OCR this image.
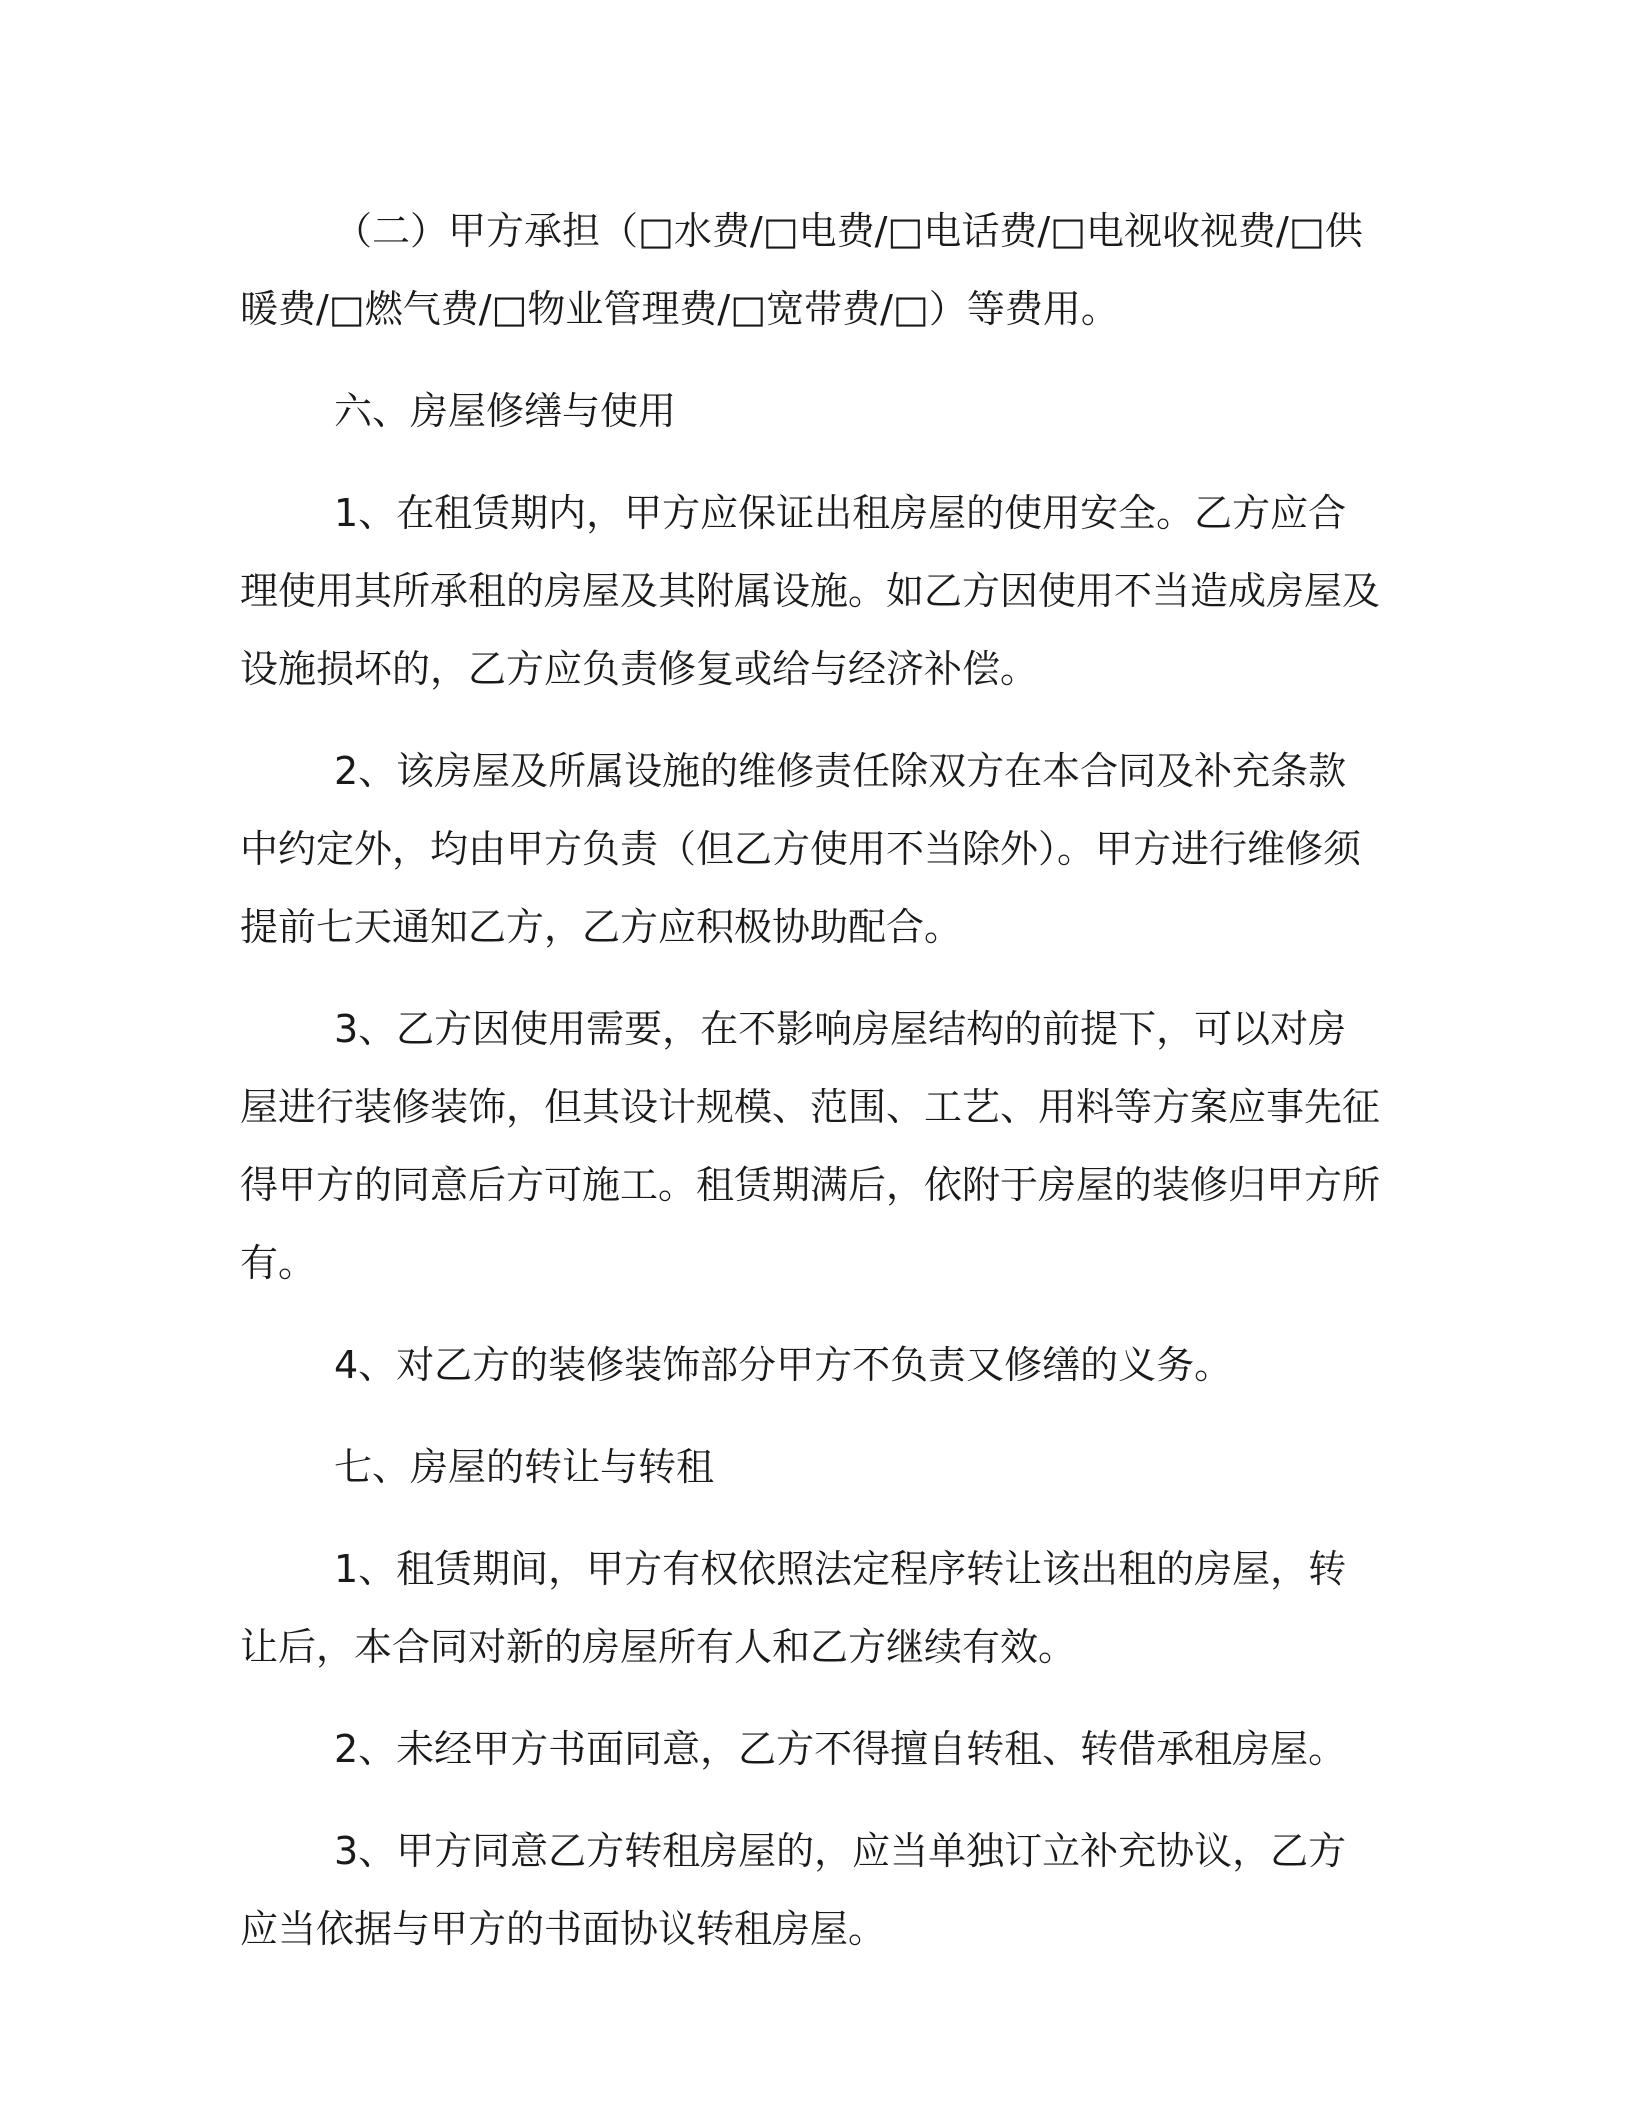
（二）甲方承担（□水费/□电费/□电话费/□电视收视费/□供暖费/□燃气费/□物业管理费/□宽带费/□）等费用。

六、房屋修缮与使用

1、在租赁期内，甲方应保证出租房屋的使用安全。乙方应合理使用其所承租的房屋及其附属设施。如乙方因使用不当造成房屋及设施损坏的，乙方应负责修复或给与经济补偿。

2、该房屋及所属设施的维修责任除双方在本合同及补充条款中约定外，均由甲方负责（但乙方使用不当除外）。甲方进行维修须提前七天通知乙方，乙方应积极协助配合。

3、乙方因使用需要，在不影响房屋结构的前提下，可以对房屋进行装修装饰，但其设计规模、范围、工艺、用料等方案应事先征得甲方的同意后方可施工。租赁期满后，依附于房屋的装修归甲方所有。

4、对乙方的装修装饰部分甲方不负责又修缮的义务。

七、房屋的转让与转租

1、租赁期间，甲方有权依照法定程序转让该出租的房屋，转让后，本合同对新的房屋所有人和乙方继续有效。

2、未经甲方书面同意，乙方不得擅自转租、转借承租房屋。

3、甲方同意乙方转租房屋的，应当单独订立补充协议，乙方应当依据与甲方的书面协议转租房屋。
